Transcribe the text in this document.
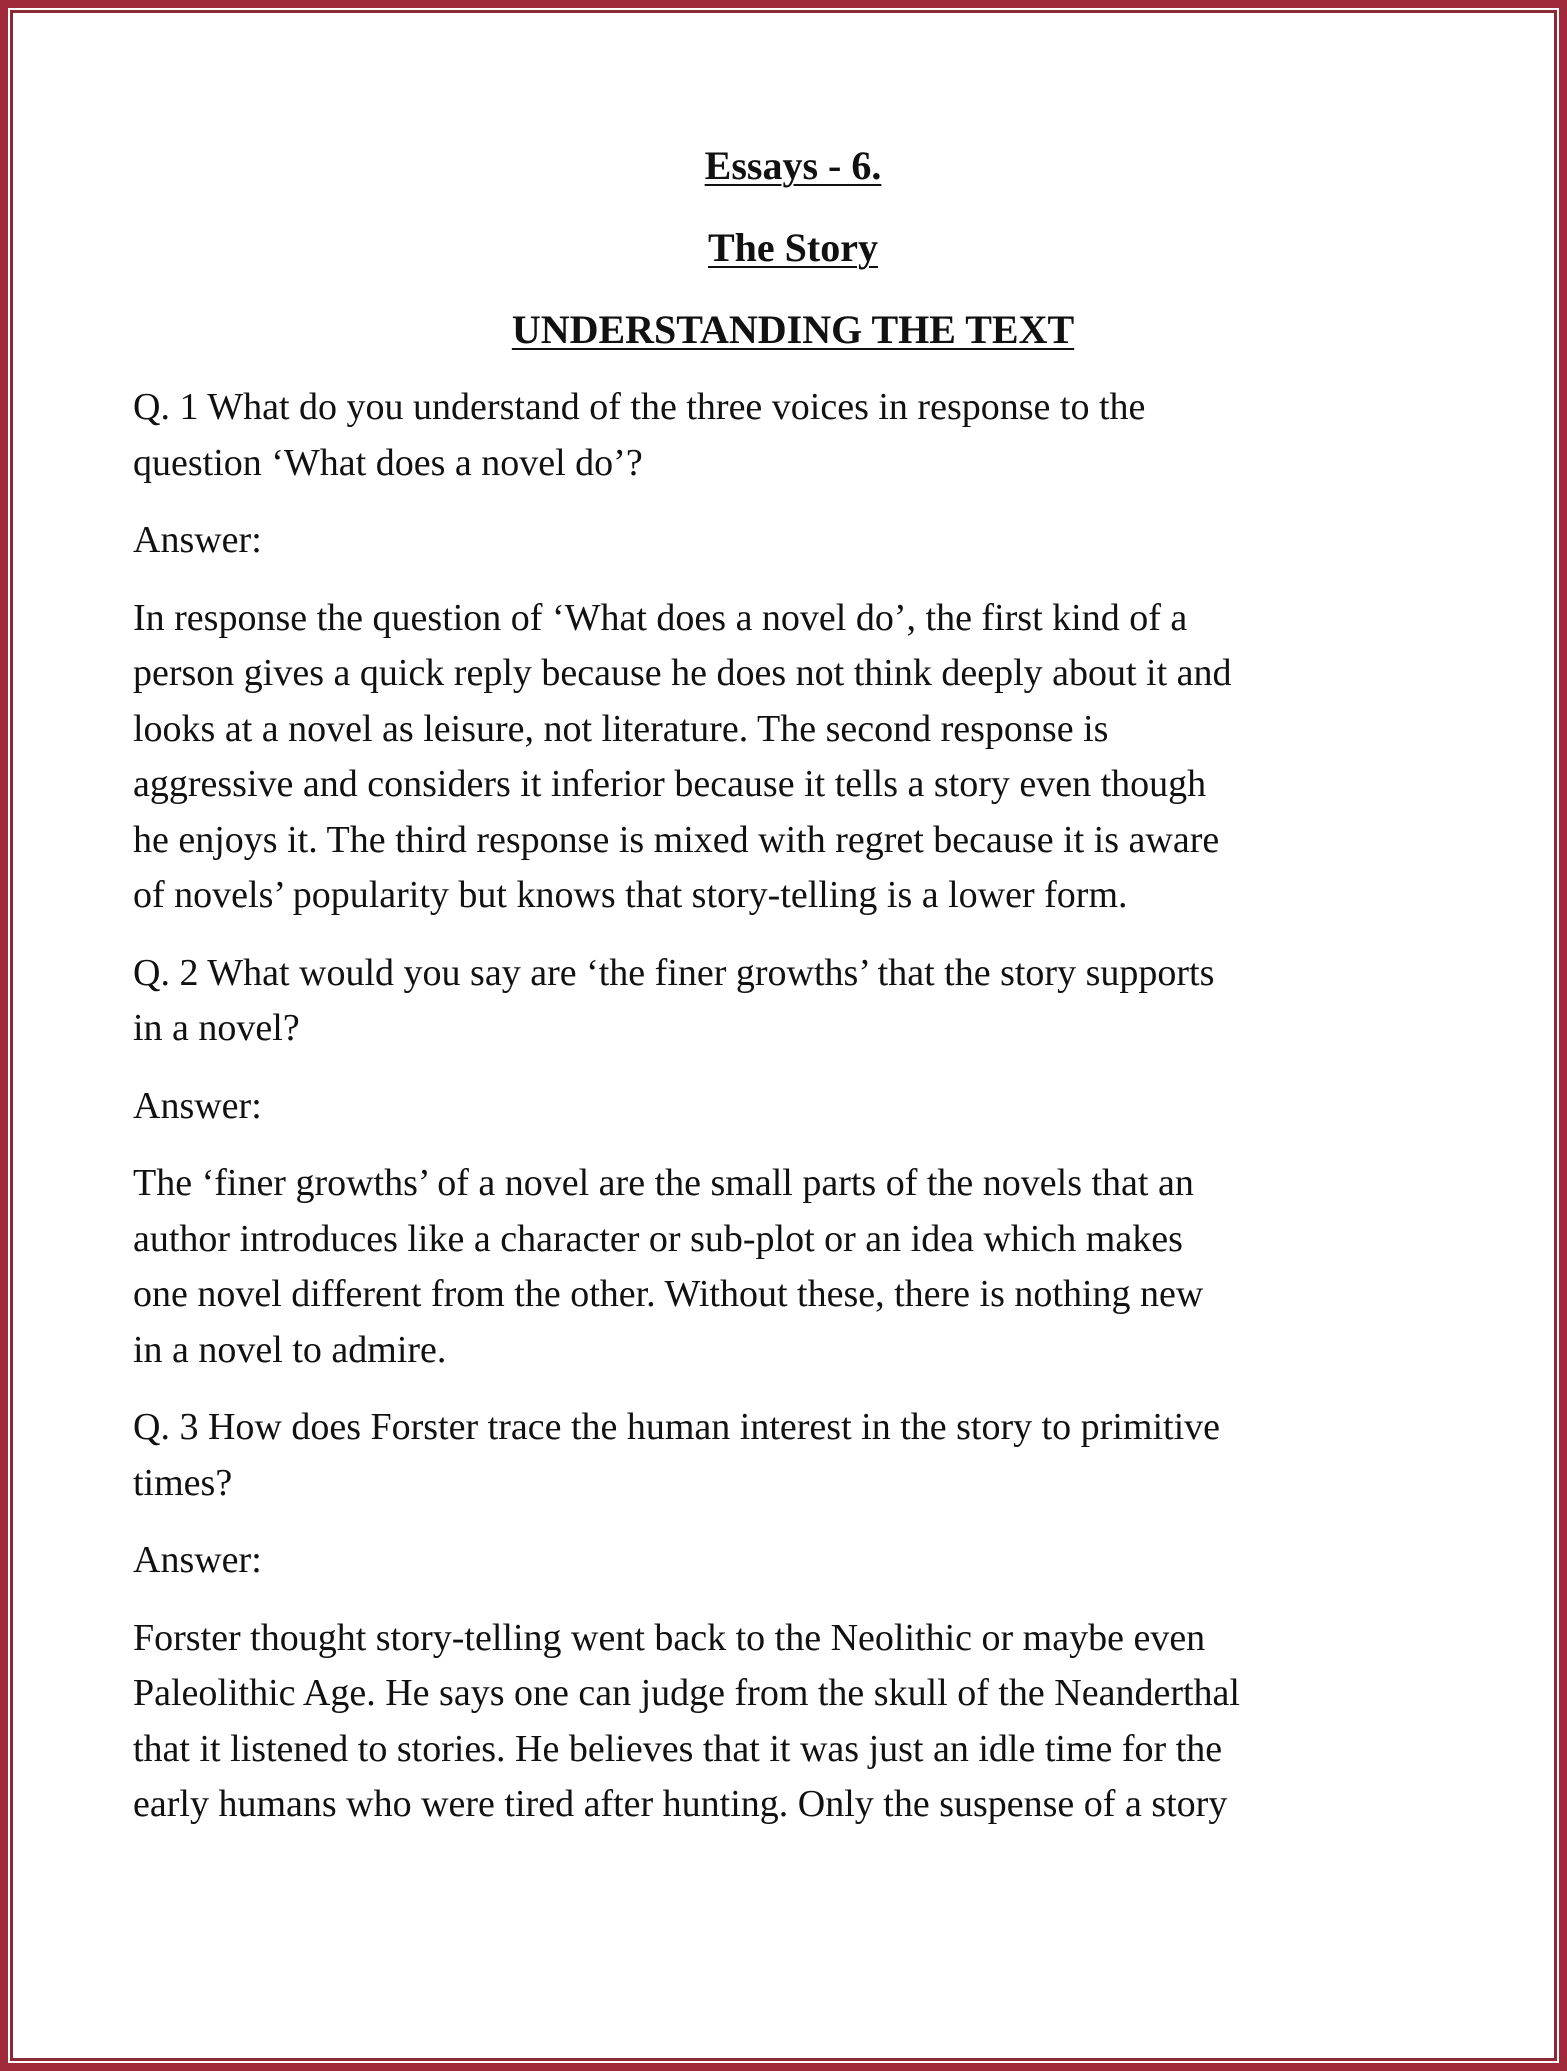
Essays - 6.
The Story
UNDERSTANDING THE TEXT
Q. 1 What do you understand of the three voices in response to the
question ‘What does a novel do’?
Answer:
In response the question of ‘What does a novel do’, the first kind of a
person gives a quick reply because he does not think deeply about it and
looks at a novel as leisure, not literature. The second response is
aggressive and considers it inferior because it tells a story even though
he enjoys it. The third response is mixed with regret because it is aware
of novels’ popularity but knows that story-telling is a lower form.
Q. 2 What would you say are ‘the finer growths’ that the story supports
in a novel?
Answer:
The ‘finer growths’ of a novel are the small parts of the novels that an
author introduces like a character or sub-plot or an idea which makes
one novel different from the other. Without these, there is nothing new
in a novel to admire.
Q. 3 How does Forster trace the human interest in the story to primitive
times?
Answer:
Forster thought story-telling went back to the Neolithic or maybe even
Paleolithic Age. He says one can judge from the skull of the Neanderthal
that it listened to stories. He believes that it was just an idle time for the
early humans who were tired after hunting. Only the suspense of a story
